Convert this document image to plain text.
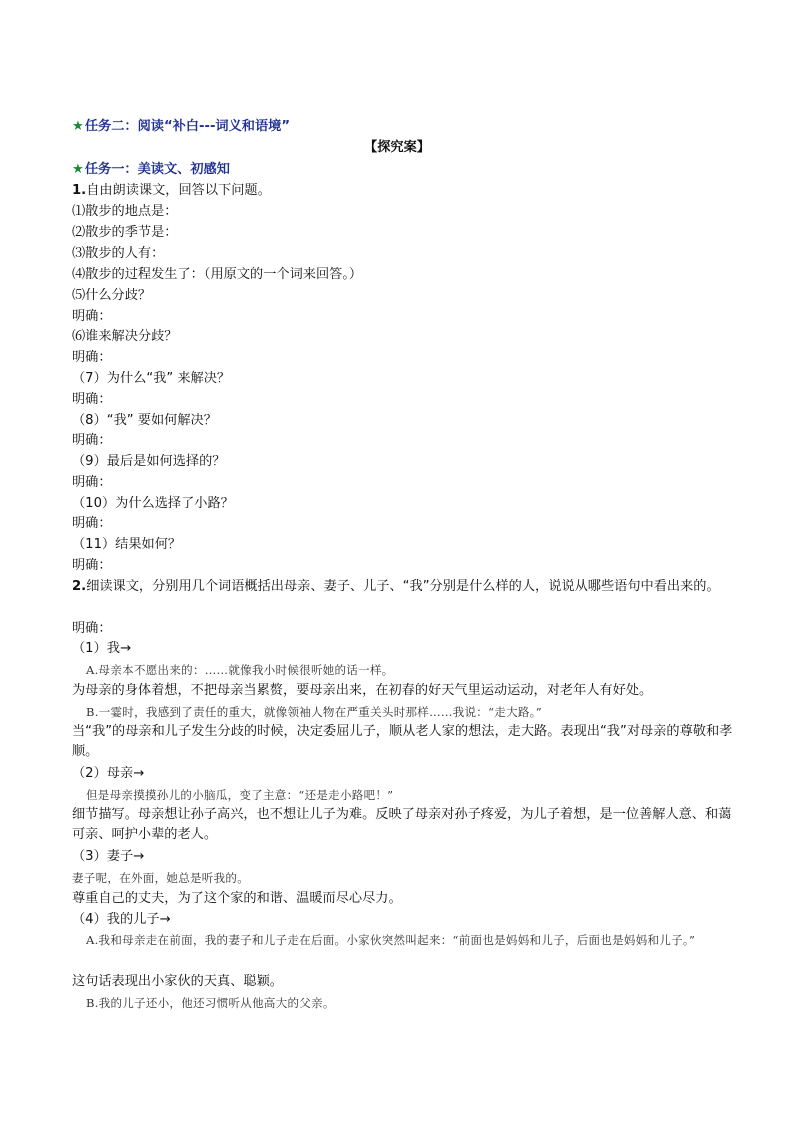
★任务二：阅读“补白---词义和语境”
【探究案】
★任务一：美读文、初感知
1.自由朗读课文，回答以下问题。
⑴散步的地点是：
⑵散步的季节是：
⑶散步的人有：
⑷散步的过程发生了：（用原文的一个词来回答。）
⑸什么分歧？
明确：
⑹谁来解决分歧？
明确：
（7）为什么“我” 来解决？
明确：
（8）“我” 要如何解决？
明确：
（9）最后是如何选择的？
明确：
（10）为什么选择了小路？
明确：
（11）结果如何？
明确：
2.细读课文，分别用几个词语概括出母亲、妻子、儿子、“我”分别是什么样的人，说说从哪些语句中看出来的。
明确：
（1）我→
A.母亲本不愿出来的：……就像我小时候很听她的话一样。
为母亲的身体着想，不把母亲当累赘，要母亲出来，在初春的好天气里运动运动，对老年人有好处。
B.一霎时，我感到了责任的重大，就像领袖人物在严重关头时那样……我说：“走大路。”
当“我”的母亲和儿子发生分歧的时候，决定委屈儿子，顺从老人家的想法，走大路。表现出“我”对母亲的尊敬和孝顺。
（2）母亲→
但是母亲摸摸孙儿的小脑瓜，变了主意：“还是走小路吧！”
细节描写。母亲想让孙子高兴，也不想让儿子为难。反映了母亲对孙子疼爱，为儿子着想，是一位善解人意、和蔼可亲、呵护小辈的老人。
（3）妻子→
妻子呢，在外面，她总是听我的。
尊重自己的丈夫，为了这个家的和谐、温暖而尽心尽力。
（4）我的儿子→
A.我和母亲走在前面，我的妻子和儿子走在后面。小家伙突然叫起来：“前面也是妈妈和儿子，后面也是妈妈和儿子。”
这句话表现出小家伙的天真、聪颖。
B.我的儿子还小，他还习惯听从他高大的父亲。
